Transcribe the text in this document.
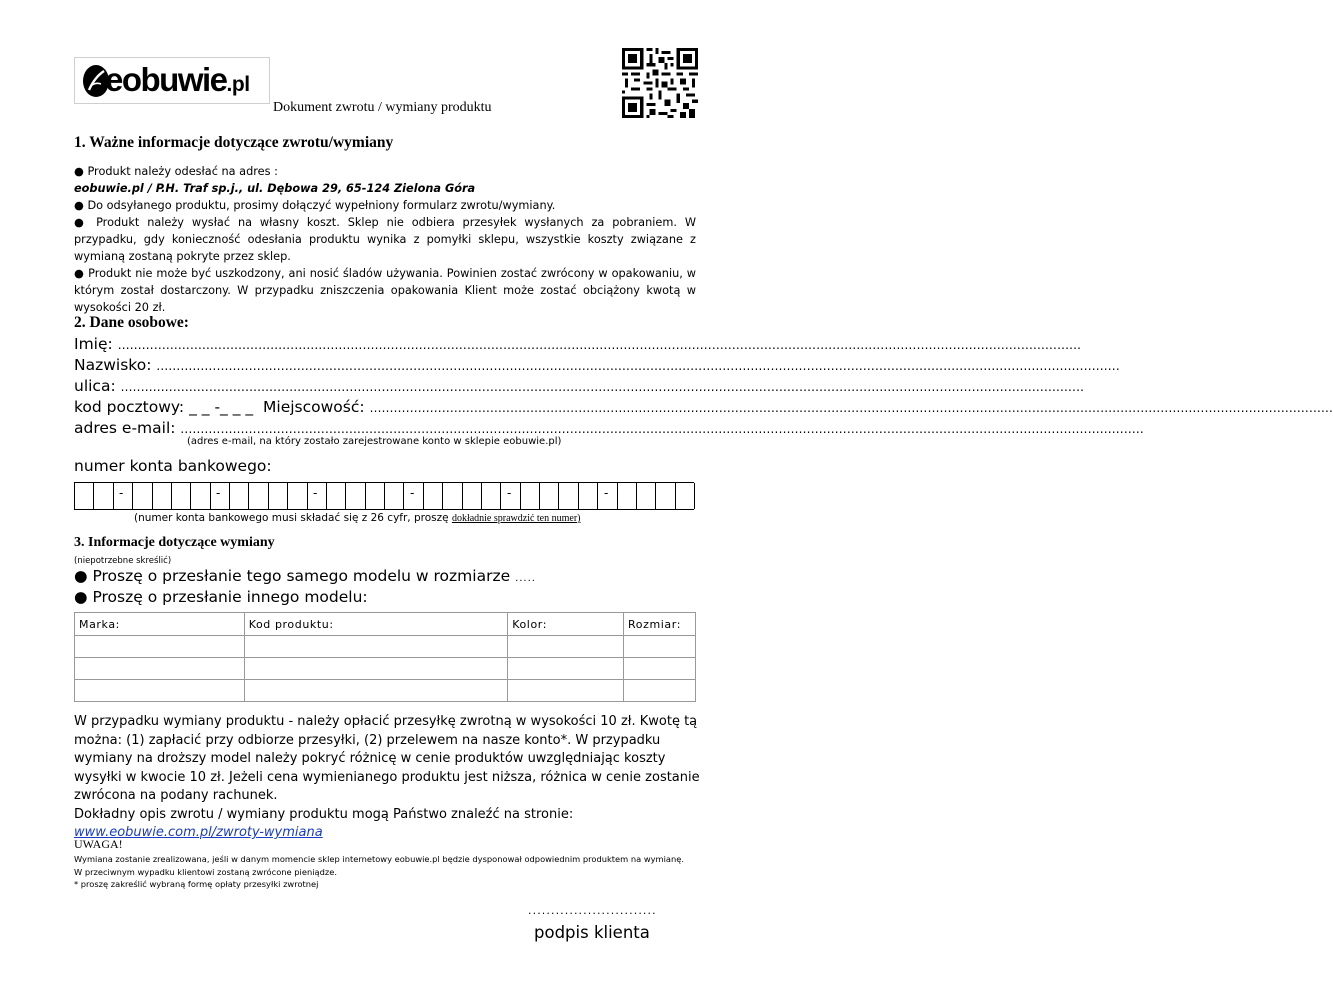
eobuwie.pl
Dokument zwrotu / wymiany produktu
1. Ważne informacje dotyczące zwrotu/wymiany

● Produkt należy odesłać na adres :

eobuwie.pl / P.H. Traf sp.j., ul. Dębowa 29, 65-124 Zielona Góra

● Do odsyłanego produktu, prosimy dołączyć wypełniony formularz zwrotu/wymiany.

● Produkt należy wysłać na własny koszt. Sklep nie odbiera przesyłek wysłanych za pobraniem. W przypadku, gdy konieczność odesłania produktu wynika z pomyłki sklepu, wszystkie koszty związane z wymianą zostaną pokryte przez sklep.

● Produkt nie może być uszkodzony, ani nosić śladów używania. Powinien zostać zwrócony w opakowaniu, w którym został dostarczony. W przypadku zniszczenia opakowania Klient może zostać obciążony kwotą w wysokości 20 zł.

2. Dane osobowe:
Imię: ................................................................................................................................................................................................................................................
Nazwisko: ................................................................................................................................................................................................................................................
ulica: ................................................................................................................................................................................................................................................
kod pocztowy: _ _ -_ _ _ Miejscowość: ................................................................................................................................................................................................................................................
adres e-mail: ................................................................................................................................................................................................................................................
(adres e-mail, na który zostało zarejestrowane konto w sklepie eobuwie.pl)
numer konta bankowego:
-	-	-	-	-	-
(numer konta bankowego musi składać się z 26 cyfr, proszę dokładnie sprawdzić ten numer)
3. Informacje dotyczące wymiany
(niepotrzebne skreślić)
● Proszę o przesłanie tego samego modelu w rozmiarze .....
● Proszę o przesłanie innego modelu:
Marka:	Kod produktu:	Kolor:	Rozmiar:

W przypadku wymiany produktu - należy opłacić przesyłkę zwrotną w wysokości 10 zł. Kwotę tą można: (1) zapłacić przy odbiorze przesyłki, (2) przelewem na nasze konto*. W przypadku wymiany na droższy model należy pokryć różnicę w cenie produktów uwzględniając koszty wysyłki w kwocie 10 zł. Jeżeli cena wymienianego produktu jest niższa, różnica w cenie zostanie zwrócona na podany rachunek.

Dokładny opis zwrotu / wymiany produktu mogą Państwo znaleźć na stronie:

www.eobuwie.com.pl/zwroty-wymiana

UWAGA!

Wymiana zostanie zrealizowana, jeśli w danym momencie sklep internetowy eobuwie.pl będzie dysponował odpowiednim produktem na wymianę. W przeciwnym wypadku klientowi zostaną zwrócone pieniądze.

* proszę zakreślić wybraną formę opłaty przesyłki zwrotnej

............................
podpis klienta
